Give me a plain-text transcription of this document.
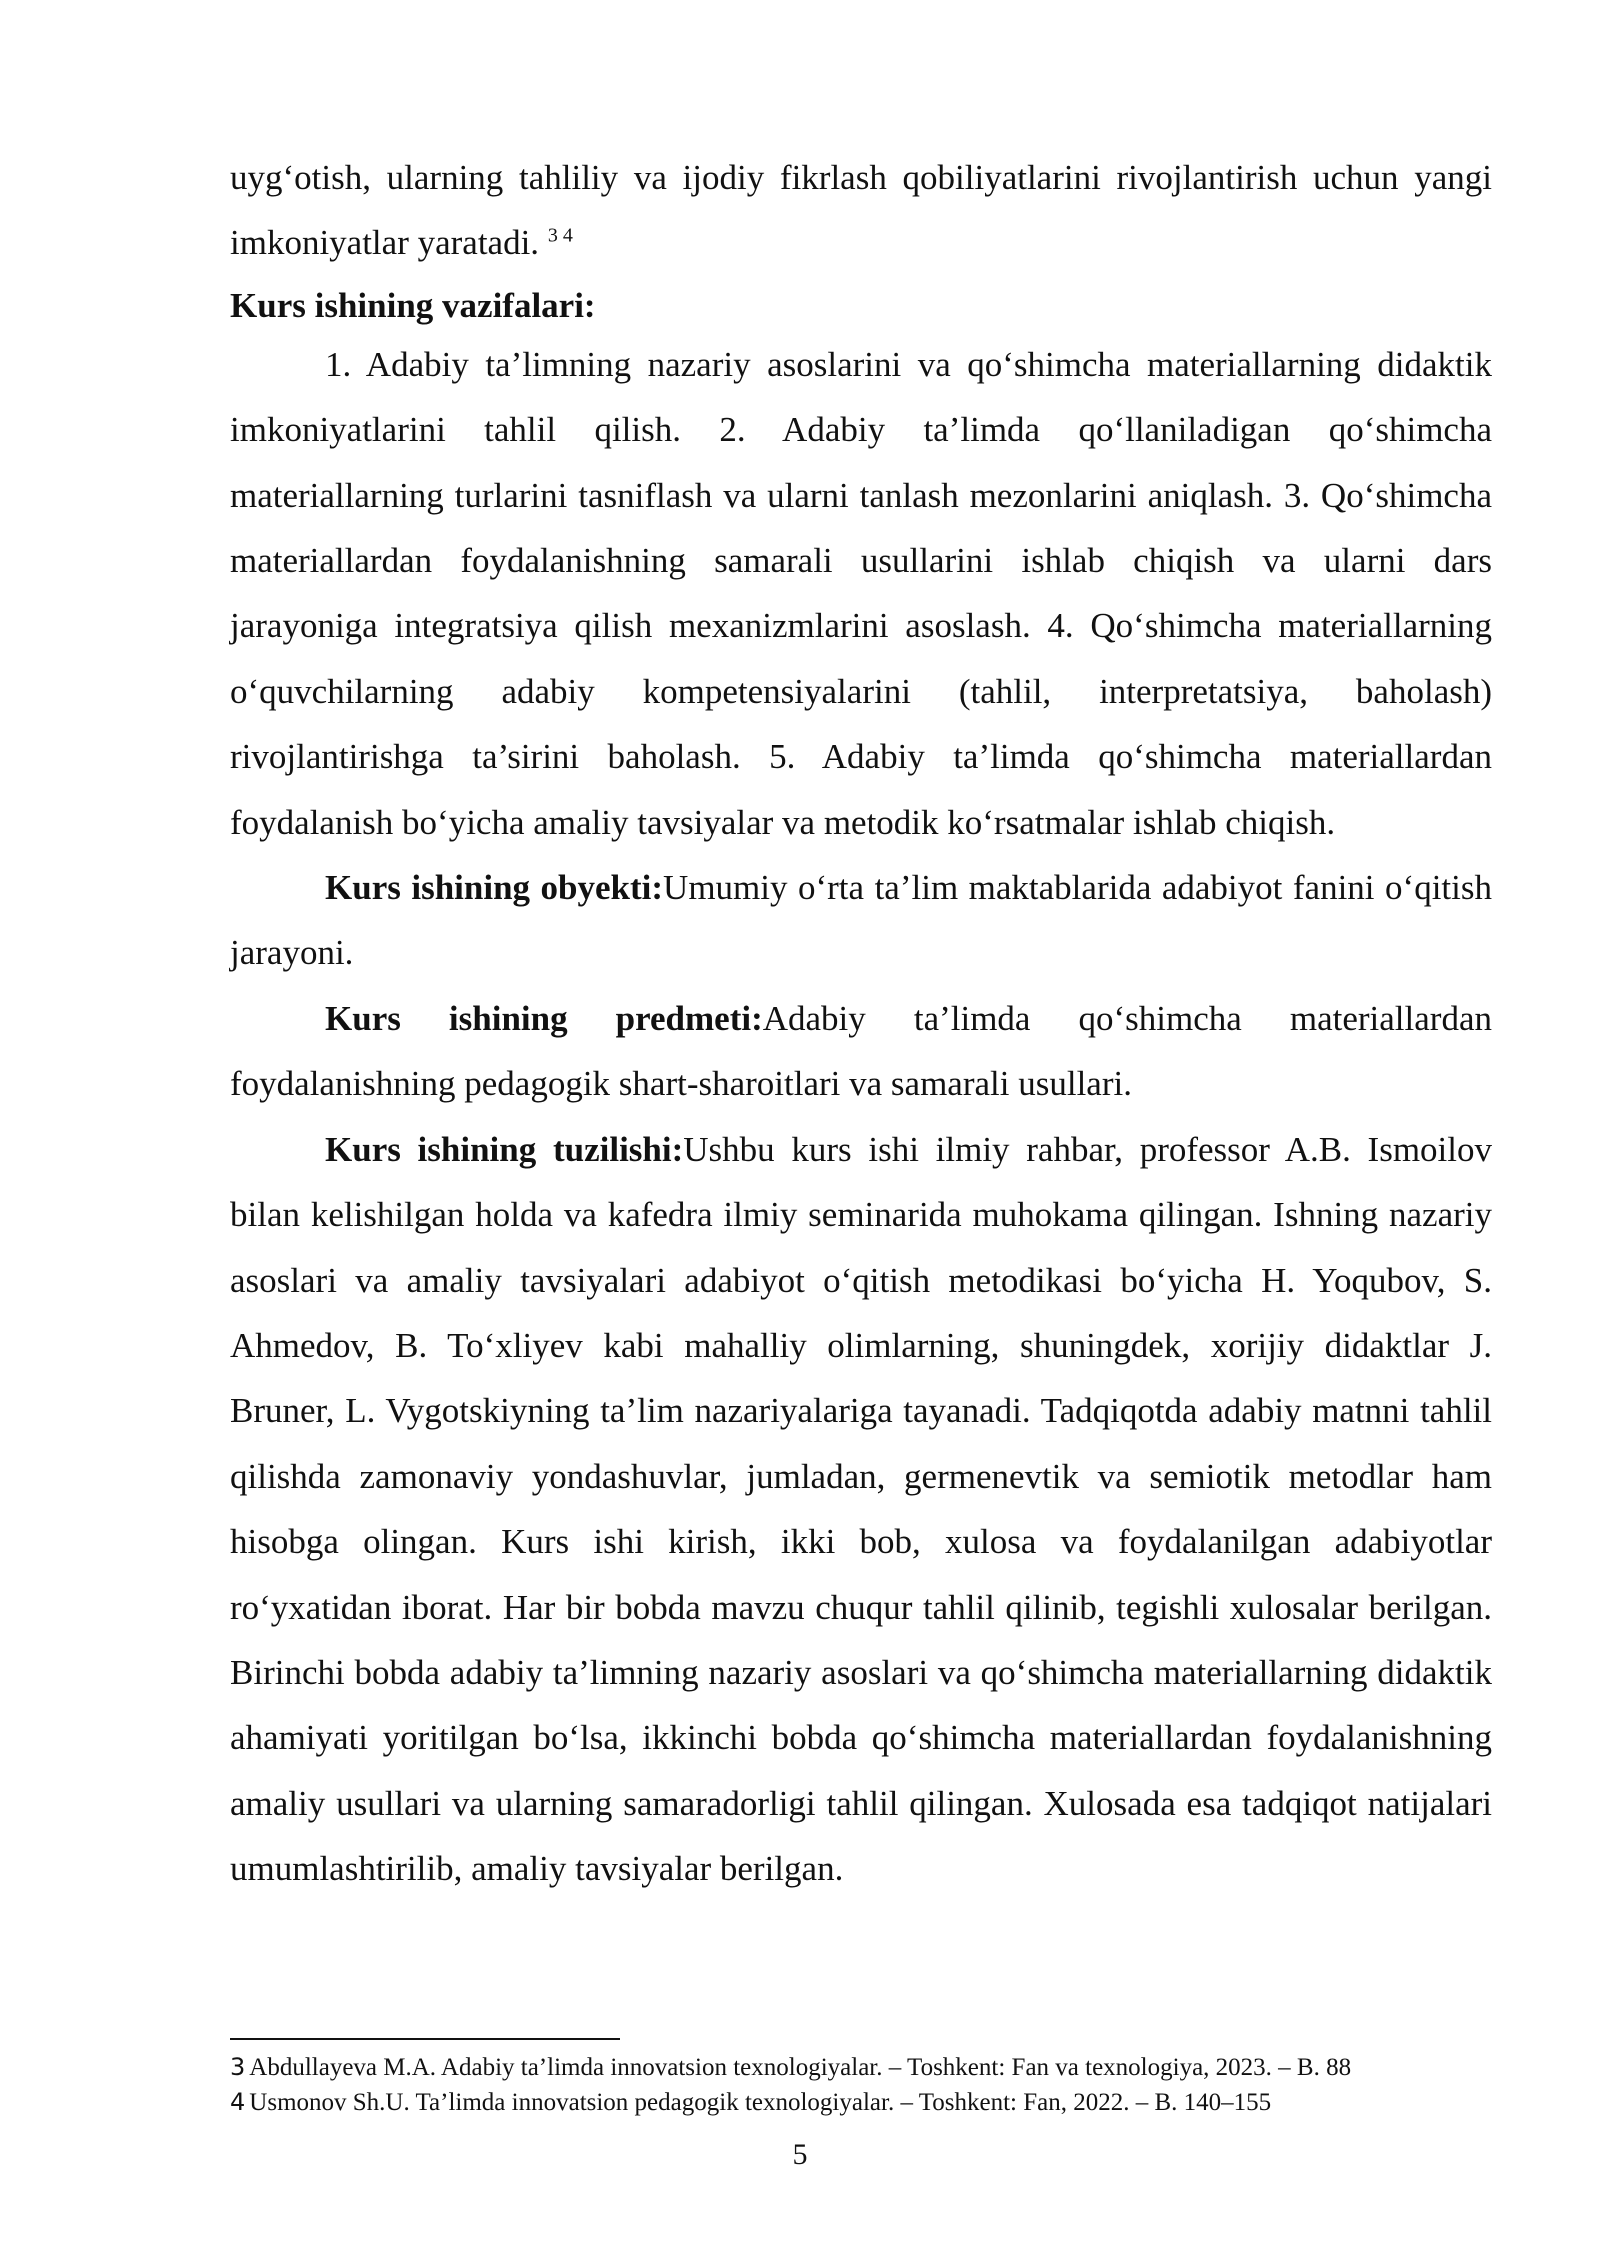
uyg‘otish, ularning tahliliy va ijodiy fikrlash qobiliyatlarini rivojlantirish uchun yangi imkoniyatlar yaratadi. $^{3 4}$

Kurs ishining vazifalari:

1. Adabiy ta’limning nazariy asoslarini va qo‘shimcha materiallarning didaktik imkoniyatlarini tahlil qilish. 2. Adabiy ta’limda qo‘llaniladigan qo‘shimcha materiallarning turlarini tasniflash va ularni tanlash mezonlarini aniqlash. 3. Qo‘shimcha materiallardan foydalanishning samarali usullarini ishlab chiqish va ularni dars jarayoniga integratsiya qilish mexanizmlarini asoslash. 4. Qo‘shimcha materiallarning o‘quvchilarning adabiy kompetensiyalarini (tahlil, interpretatsiya, baholash) rivojlantirishga ta’sirini baholash. 5. Adabiy ta’limda qo‘shimcha materiallardan foydalanish bo‘yicha amaliy tavsiyalar va metodik ko‘rsatmalar ishlab chiqish.

Kurs ishining obyekti:Umumiy o‘rta ta’lim maktablarida adabiyot fanini o‘qitish jarayoni.

Kurs ishining predmeti:Adabiy ta’limda qo‘shimcha materiallardan foydalanishning pedagogik shart-sharoitlari va samarali usullari.

Kurs ishining tuzilishi:Ushbu kurs ishi ilmiy rahbar, professor A.B. Ismoilov bilan kelishilgan holda va kafedra ilmiy seminarida muhokama qilingan. Ishning nazariy asoslari va amaliy tavsiyalari adabiyot o‘qitish metodikasi bo‘yicha H. Yoqubov, S. Ahmedov, B. To‘xliyev kabi mahalliy olimlarning, shuningdek, xorijiy didaktlar J. Bruner, L. Vygotskiyning ta’lim nazariyalariga tayanadi. Tadqiqotda adabiy matnni tahlil qilishda zamonaviy yondashuvlar, jumladan, germenevtik va semiotik metodlar ham hisobga olingan. Kurs ishi kirish, ikki bob, xulosa va foydalanilgan adabiyotlar ro‘yxatidan iborat. Har bir bobda mavzu chuqur tahlil qilinib, tegishli xulosalar berilgan. Birinchi bobda adabiy ta’limning nazariy asoslari va qo‘shimcha materiallarning didaktik ahamiyati yoritilgan bo‘lsa, ikkinchi bobda qo‘shimcha materiallardan foydalanishning amaliy usullari va ularning samaradorligi tahlil qilingan. Xulosada esa tadqiqot natijalari umumlashtirilib, amaliy tavsiyalar berilgan.

3 Abdullayeva M.A. Adabiy ta’limda innovatsion texnologiyalar. – Toshkent: Fan va texnologiya, 2023. – B. 88

4 Usmonov Sh.U. Ta’limda innovatsion pedagogik texnologiyalar. – Toshkent: Fan, 2022. – B. 140–155

5
